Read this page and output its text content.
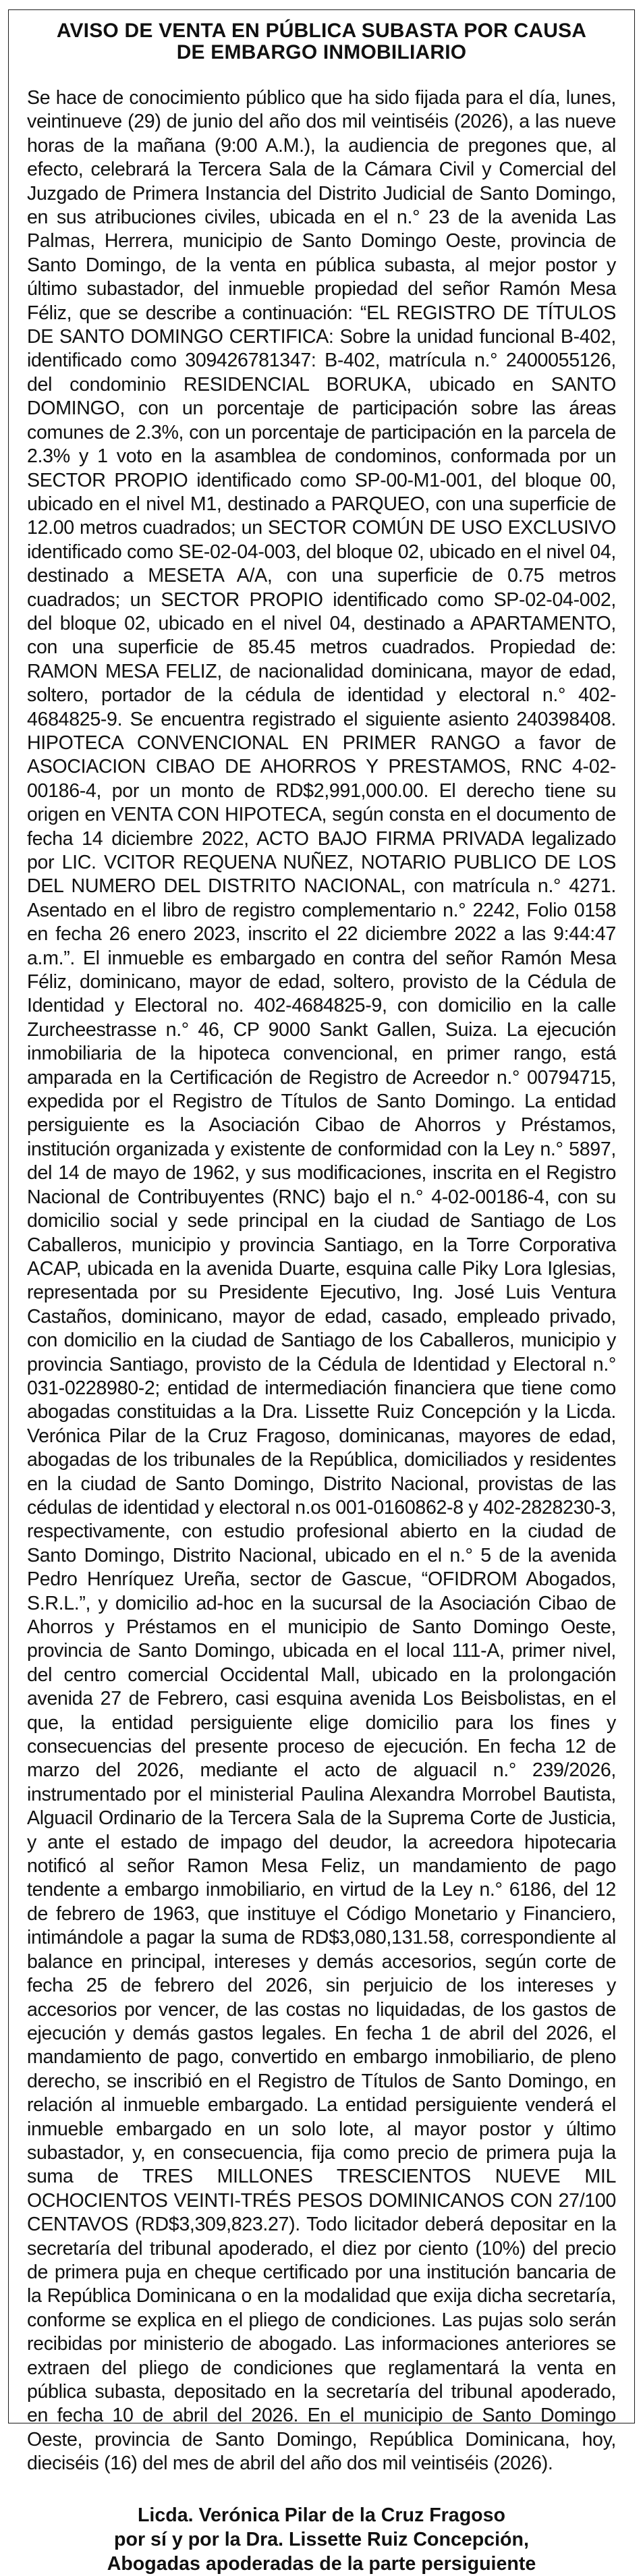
AVISO DE VENTA EN PÚBLICA SUBASTA POR CAUSA
DE EMBARGO INMOBILIARIO

Se hace de conocimiento público que ha sido fijada para el día, lunes, veintinueve (29) de junio del año dos mil veintiséis (2026), a las nueve horas de la mañana (9:00 A.M.), la audiencia de pregones que, al efecto, celebrará la Tercera Sala de la Cámara Civil y Comercial del Juzgado de Primera Instancia del Distrito Judicial de Santo Domingo, en sus atribuciones civiles, ubicada en el n.° 23 de la avenida Las Palmas, Herrera, municipio de Santo Domingo Oeste, provincia de Santo Domingo, de la venta en pública subasta, al mejor postor y último subastador, del inmueble propiedad del señor Ramón Mesa Féliz, que se describe a continuación: “EL REGISTRO DE TÍTULOS DE SANTO DOMINGO CERTIFICA: Sobre la unidad funcional B-402, identificado como 309426781347: B-402, matrícula n.° 2400055126, del condominio RESIDENCIAL BORUKA, ubicado en SANTO DOMINGO, con un porcentaje de participación sobre las áreas comunes de 2.3%, con un porcentaje de participación en la parcela de 2.3% y 1 voto en la asamblea de condominos, conformada por un SECTOR PROPIO identificado como SP-00-M1-001, del bloque 00, ubicado en el nivel M1, destinado a PARQUEO, con una superficie de 12.00 metros cuadrados; un SECTOR COMÚN DE USO EXCLUSIVO identificado como SE-02-04-003, del bloque 02, ubicado en el nivel 04, destinado a MESETA A/A, con una superficie de 0.75 metros cuadrados; un SECTOR PROPIO identificado como SP-02-04-002, del bloque 02, ubicado en el nivel 04, destinado a APARTAMENTO, con una superficie de 85.45 metros cuadrados. Propiedad de: RAMON MESA FELIZ, de nacionalidad dominicana, mayor de edad, soltero, portador de la cédula de identidad y electoral n.° 402-4684825-9. Se encuentra registrado el siguiente asiento 240398408. HIPOTECA CONVENCIONAL EN PRIMER RANGO a favor de ASOCIACION CIBAO DE AHORROS Y PRESTAMOS, RNC 4-02-00186-4, por un monto de RD$2,991,000.00. El derecho tiene su origen en VENTA CON HIPOTECA, según consta en el documento de fecha 14 diciembre 2022, ACTO BAJO FIRMA PRIVADA legalizado por LIC. VCITOR REQUENA NUÑEZ, NOTARIO PUBLICO DE LOS DEL NUMERO DEL DISTRITO NACIONAL, con matrícula n.° 4271. Asentado en el libro de registro complementario n.° 2242, Folio 0158 en fecha 26 enero 2023, inscrito el 22 diciembre 2022 a las 9:44:47 a.m.”. El inmueble es embargado en contra del señor Ramón Mesa Féliz, dominicano, mayor de edad, soltero, provisto de la Cédula de Identidad y Electoral no. 402-4684825-9, con domicilio en la calle Zurcheestrasse n.° 46, CP 9000 Sankt Gallen, Suiza. La ejecución inmobiliaria de la hipoteca convencional, en primer rango, está amparada en la Certificación de Registro de Acreedor n.° 00794715, expedida por el Registro de Títulos de Santo Domingo. La entidad persiguiente es la Asociación Cibao de Ahorros y Préstamos, institución organizada y existente de conformidad con la Ley n.° 5897, del 14 de mayo de 1962, y sus modificaciones, inscrita en el Registro Nacional de Contribuyentes (RNC) bajo el n.° 4-02-00186-4, con su domicilio social y sede principal en la ciudad de Santiago de Los Caballeros, municipio y provincia Santiago, en la Torre Corporativa ACAP, ubicada en la avenida Duarte, esquina calle Piky Lora Iglesias, representada por su Presidente Ejecutivo, Ing. José Luis Ventura Castaños, dominicano, mayor de edad, casado, empleado privado, con domicilio en la ciudad de Santiago de los Caballeros, municipio y provincia Santiago, provisto de la Cédula de Identidad y Electoral n.° 031-0228980-2; entidad de intermediación financiera que tiene como abogadas constituidas a la Dra. Lissette Ruiz Concepción y la Licda. Verónica Pilar de la Cruz Fragoso, dominicanas, mayores de edad, abogadas de los tribunales de la República, domiciliados y residentes en la ciudad de Santo Domingo, Distrito Nacional, provistas de las cédulas de identidad y electoral n.os 001-0160862-8 y 402-2828230-3, respectivamente, con estudio profesional abierto en la ciudad de Santo Domingo, Distrito Nacional, ubicado en el n.° 5 de la avenida Pedro Henríquez Ureña, sector de Gascue, “OFIDROM Abogados, S.R.L.”, y domicilio ad-hoc en la sucursal de la Asociación Cibao de Ahorros y Préstamos en el municipio de Santo Domingo Oeste, provincia de Santo Domingo, ubicada en el local 111-A, primer nivel, del centro comercial Occidental Mall, ubicado en la prolongación avenida 27 de Febrero, casi esquina avenida Los Beisbolistas, en el que, la entidad persiguiente elige domicilio para los fines y consecuencias del presente proceso de ejecución. En fecha 12 de marzo del 2026, mediante el acto de alguacil n.° 239/2026, instrumentado por el ministerial Paulina Alexandra Morrobel Bautista, Alguacil Ordinario de la Tercera Sala de la Suprema Corte de Justicia, y ante el estado de impago del deudor, la acreedora hipotecaria notificó al señor Ramon Mesa Feliz, un mandamiento de pago tendente a embargo inmobiliario, en virtud de la Ley n.° 6186, del 12 de febrero de 1963, que instituye el Código Monetario y Financiero, intimándole a pagar la suma de RD$3,080,131.58, correspondiente al balance en principal, intereses y demás accesorios, según corte de fecha 25 de febrero del 2026, sin perjuicio de los intereses y accesorios por vencer, de las costas no liquidadas, de los gastos de ejecución y demás gastos legales. En fecha 1 de abril del 2026, el mandamiento de pago, convertido en embargo inmobiliario, de pleno derecho, se inscribió en el Registro de Títulos de Santo Domingo, en relación al inmueble embargado. La entidad persiguiente venderá el inmueble embargado en un solo lote, al mayor postor y último subastador, y, en consecuencia, fija como precio de primera puja la suma de TRES MILLONES TRESCIENTOS NUEVE MIL OCHOCIENTOS VEINTI-TRÉS PESOS DOMINICANOS CON 27/100 CENTAVOS (RD$3,309,823.27). Todo licitador deberá depositar en la secretaría del tribunal apoderado, el diez por ciento (10%) del precio de primera puja en cheque certificado por una institución bancaria de la República Dominicana o en la modalidad que exija dicha secretaría, conforme se explica en el pliego de condiciones. Las pujas solo serán recibidas por ministerio de abogado. Las informaciones anteriores se extraen del pliego de condiciones que reglamentará la venta en pública subasta, depositado en la secretaría del tribunal apoderado, en fecha 10 de abril del 2026. En el municipio de Santo Domingo Oeste, provincia de Santo Domingo, República Dominicana, hoy, dieciséis (16) del mes de abril del año dos mil veintiséis (2026).

Licda. Verónica Pilar de la Cruz Fragoso
por sí y por la Dra. Lissette Ruiz Concepción,
Abogadas apoderadas de la parte persiguiente
